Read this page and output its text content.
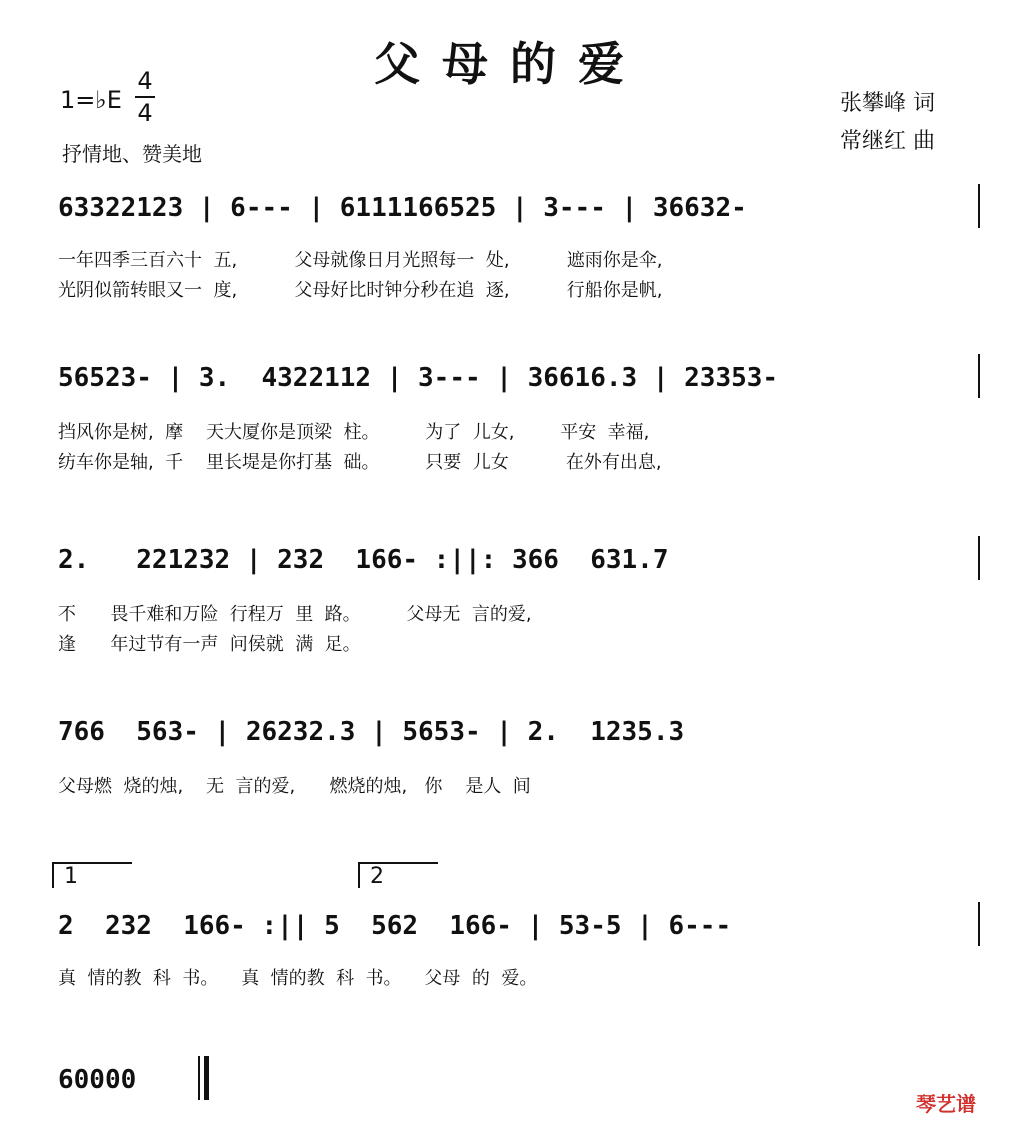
父母的爱
1=♭E
4
4
抒情地、赞美地
张攀峰 词
常继红 曲
63322123 | 6--- | 6111166525 | 3--- | 36632-
一年四季三百六十  五,          父母就像日月光照每一  处,          遮雨你是伞,
光阴似箭转眼又一  度,          父母好比时钟分秒在追  逐,          行船你是帆,
56523- | 3.  4322112 | 3--- | 36616.3 | 23353-
挡风你是树,  摩    天大厦你是顶梁  柱。        为了  儿女,        平安  幸福,
纺车你是轴,  千    里长堤是你打基  础。        只要  儿女          在外有出息,
2.   221232 | 232  166- :||: 366  631.7
不      畏千难和万险  行程万  里  路。        父母无  言的爱,
逢      年过节有一声  问侯就  满  足。
766  563- | 26232.3 | 5653- | 2.  1235.3
父母燃  烧的烛,    无  言的爱,      燃烧的烛,   你    是人  间
1	2
2  232  166- :|| 5  562  166- | 53-5 | 6---
真  情的教  科  书。    真  情的教  科  书。    父母  的  爱。
60000
琴艺谱
